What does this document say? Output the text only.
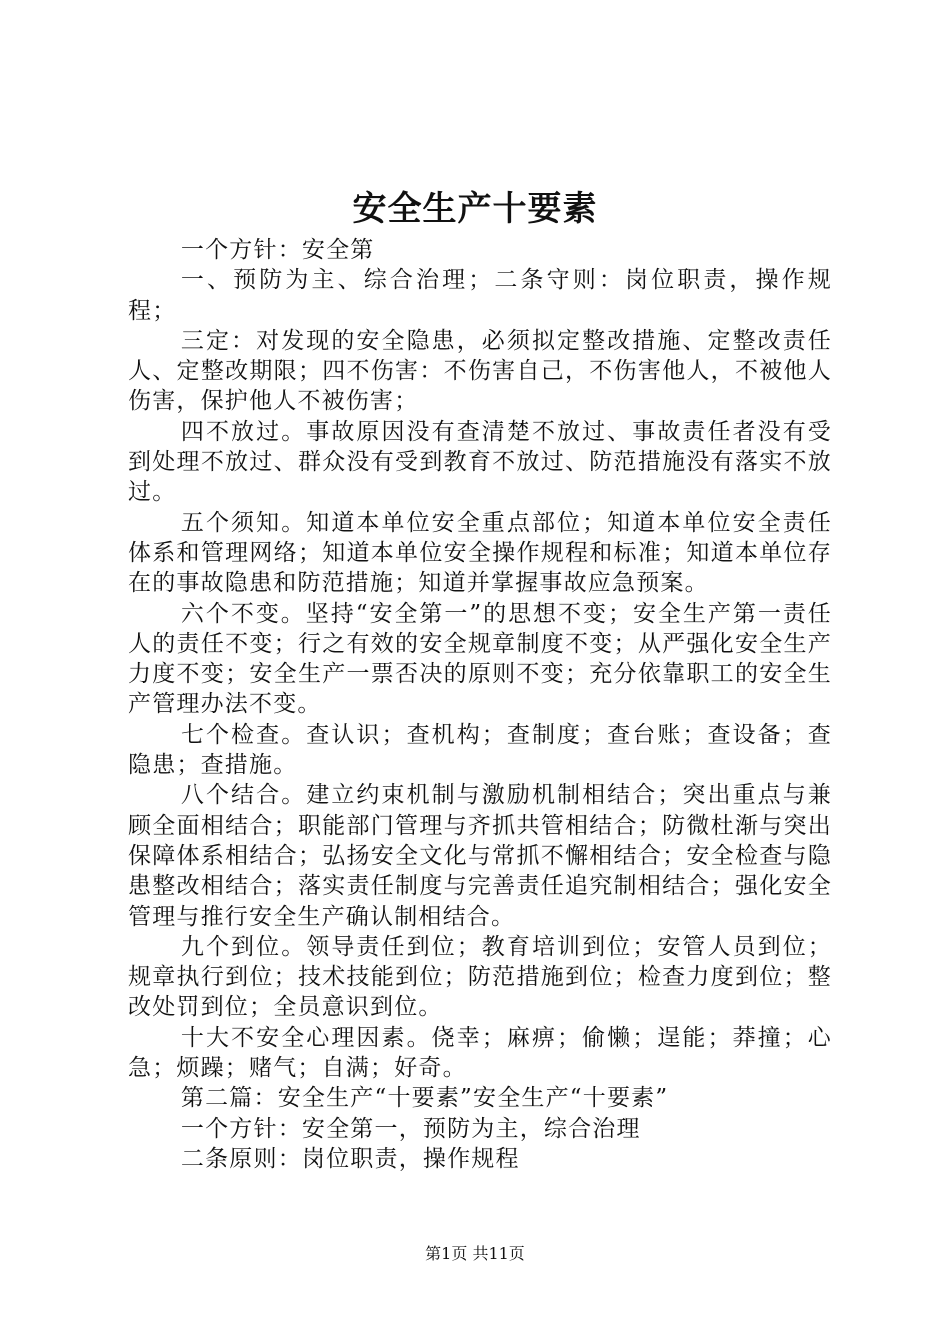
安全生产十要素

一个方针：安全第

一、预防为主、综合治理；二条守则：岗位职责，操作规程；

三定：对发现的安全隐患，必须拟定整改措施、定整改责任人、定整改期限；四不伤害：不伤害自己，不伤害他人，不被他人伤害，保护他人不被伤害；

四不放过。事故原因没有查清楚不放过、事故责任者没有受到处理不放过、群众没有受到教育不放过、防范措施没有落实不放过。

五个须知。知道本单位安全重点部位；知道本单位安全责任体系和管理网络；知道本单位安全操作规程和标准；知道本单位存在的事故隐患和防范措施；知道并掌握事故应急预案。

六个不变。坚持“安全第一”的思想不变；安全生产第一责任人的责任不变；行之有效的安全规章制度不变；从严强化安全生产力度不变；安全生产一票否决的原则不变；充分依靠职工的安全生产管理办法不变。

七个检查。查认识；查机构；查制度；查台账；查设备；查隐患；查措施。

八个结合。建立约束机制与激励机制相结合；突出重点与兼顾全面相结合；职能部门管理与齐抓共管相结合；防微杜渐与突出保障体系相结合；弘扬安全文化与常抓不懈相结合；安全检查与隐患整改相结合；落实责任制度与完善责任追究制相结合；强化安全管理与推行安全生产确认制相结合。

九个到位。领导责任到位；教育培训到位；安管人员到位；规章执行到位；技术技能到位；防范措施到位；检查力度到位；整改处罚到位；全员意识到位。

十大不安全心理因素。侥幸；麻痹；偷懒；逞能；莽撞；心急；烦躁；赌气；自满；好奇。

第二篇：安全生产“十要素”安全生产“十要素”

一个方针：安全第一，预防为主，综合治理

二条原则：岗位职责，操作规程

第1页 共11页
